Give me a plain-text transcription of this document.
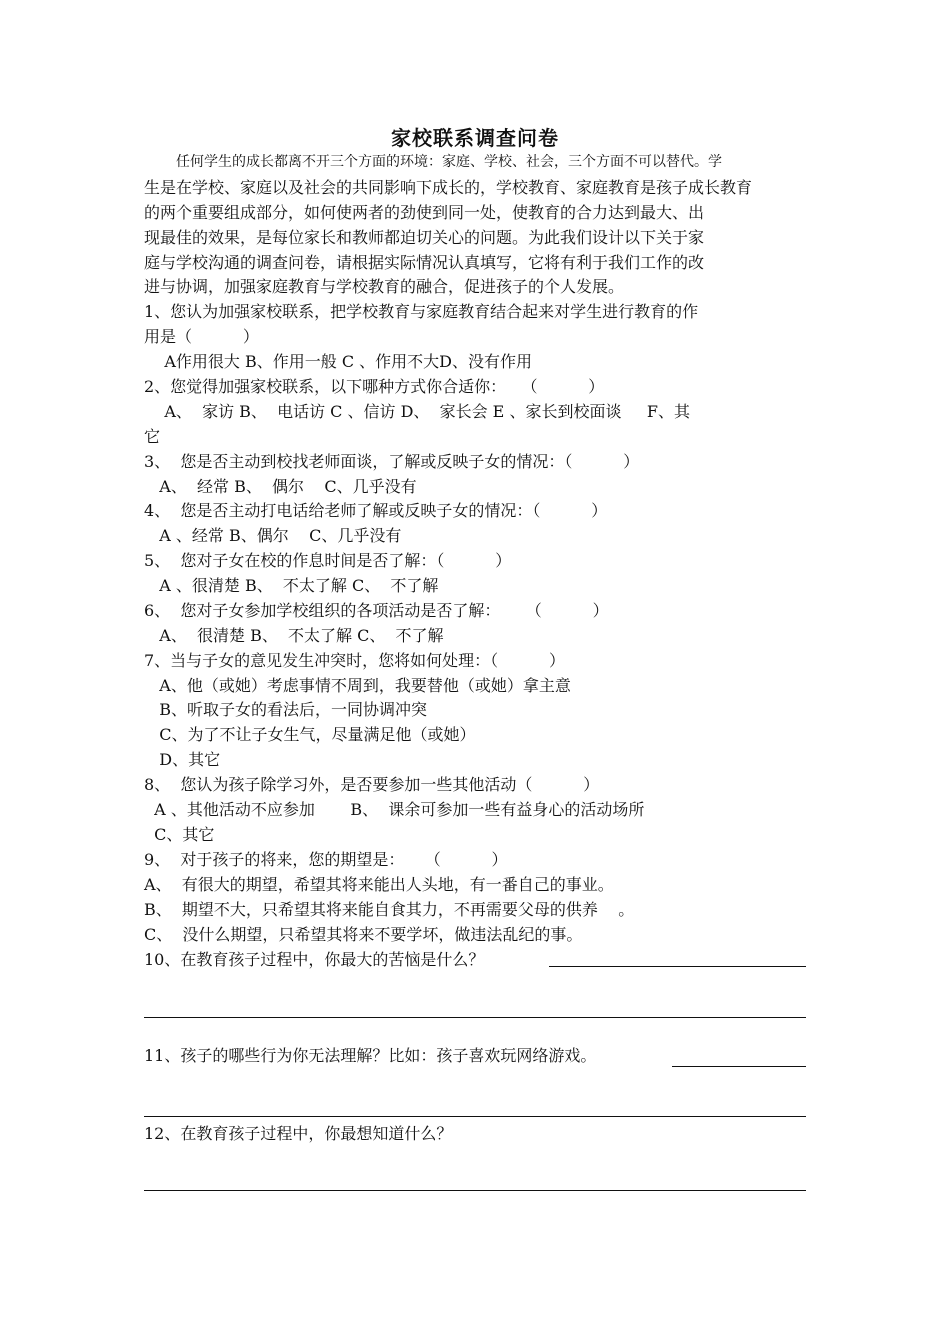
家校联系调查问卷
任何学生的成长都离不开三个方面的环境：家庭、学校、社会，三个方面不可以替代。学
生是在学校、家庭以及社会的共同影响下成长的，学校教育、家庭教育是孩子成长教育
的两个重要组成部分，如何使两者的劲使到同一处，使教育的合力达到最大、出
现最佳的效果，是每位家长和教师都迫切关心的问题。为此我们设计以下关于家
庭与学校沟通的调查问卷，请根据实际情况认真填写，它将有利于我们工作的改
进与协调，加强家庭教育与学校教育的融合，促进孩子的个人发展。
1、您认为加强家校联系，把学校教育与家庭教育结合起来对学生进行教育的作
用是（          ）
A作用很大 B、作用一般 C 、作用不大D、没有作用
2、您觉得加强家校联系，以下哪种方式你合适你：   （          ）
A、  家访 B、  电话访 C 、信访 D、  家长会 E 、家长到校面谈     F、其
它
3、  您是否主动到校找老师面谈，了解或反映子女的情况：（          ）
A、  经常 B、  偶尔    C、几乎没有
4、  您是否主动打电话给老师了解或反映子女的情况：（          ）
A 、经常 B、偶尔    C、几乎没有
5、  您对子女在校的作息时间是否了解：（          ）
A 、很清楚 B、  不太了解 C、  不了解
6、  您对子女参加学校组织的各项活动是否了解：     （          ）
A、  很清楚 B、  不太了解 C、  不了解
7、当与子女的意见发生冲突时，您将如何处理：（          ）
A、他（或她）考虑事情不周到，我要替他（或她）拿主意
B、听取子女的看法后，一同协调冲突
C、为了不让子女生气，尽量满足他（或她）
D、其它
8、  您认为孩子除学习外，是否要参加一些其他活动（          ）
A 、其他活动不应参加       B、  课余可参加一些有益身心的活动场所
C、其它
9、  对于孩子的将来，您的期望是：    （          ）
A、  有很大的期望，希望其将来能出人头地，有一番自己的事业。
B、  期望不大，只希望其将来能自食其力，不再需要父母的供养    。
C、  没什么期望，只希望其将来不要学坏，做违法乱纪的事。
10、在教育孩子过程中，你最大的苦恼是什么？
11、孩子的哪些行为你无法理解？比如：孩子喜欢玩网络游戏。
12、在教育孩子过程中，你最想知道什么？
